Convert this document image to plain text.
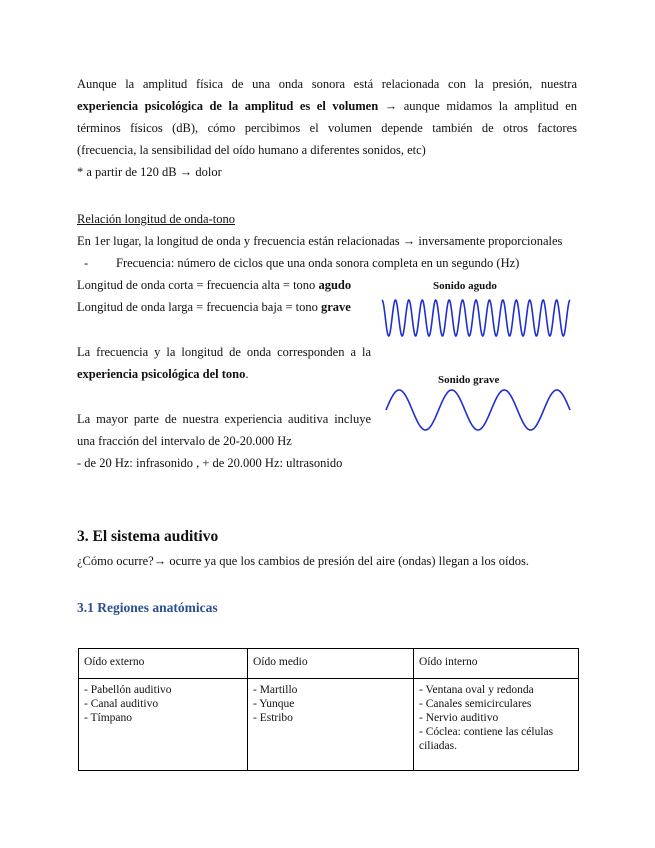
Aunque la amplitud física de una onda sonora está relacionada con la presión, nuestra

experiencia psicológica de la amplitud es el volumen → aunque midamos la amplitud en

términos físicos (dB), cómo percibimos el volumen depende también de otros factores

(frecuencia, la sensibilidad del oído humano a diferentes sonidos, etc)

* a partir de 120 dB → dolor

Relación longitud de onda-tono

En 1er lugar, la longitud de onda y frecuencia están relacionadas → inversamente proporcionales

- Frecuencia: número de ciclos que una onda sonora completa en un segundo (Hz)

Longitud de onda corta = frecuencia alta = tono agudo

Longitud de onda larga = frecuencia baja = tono grave

La frecuencia y la longitud de onda corresponden a la

experiencia psicológica del tono.

La mayor parte de nuestra experiencia auditiva incluye

una fracción del intervalo de 20-20.000 Hz

- de 20 Hz: infrasonido , + de 20.000 Hz: ultrasonido

Sonido agudo
Sonido grave
3. El sistema auditivo

¿Cómo ocurre?→ ocurre ya que los cambios de presión del aire (ondas) llegan a los oídos.

3.1 Regiones anatómicas
Oído externo	Oído medio	Oído interno

- Pabellón auditivo
- Canal auditivo
- Tímpano	- Martillo
- Yunque
- Estribo	- Ventana oval y redonda
- Canales semicirculares
- Nervio auditivo
- Cóclea: contiene las células ciliadas.
